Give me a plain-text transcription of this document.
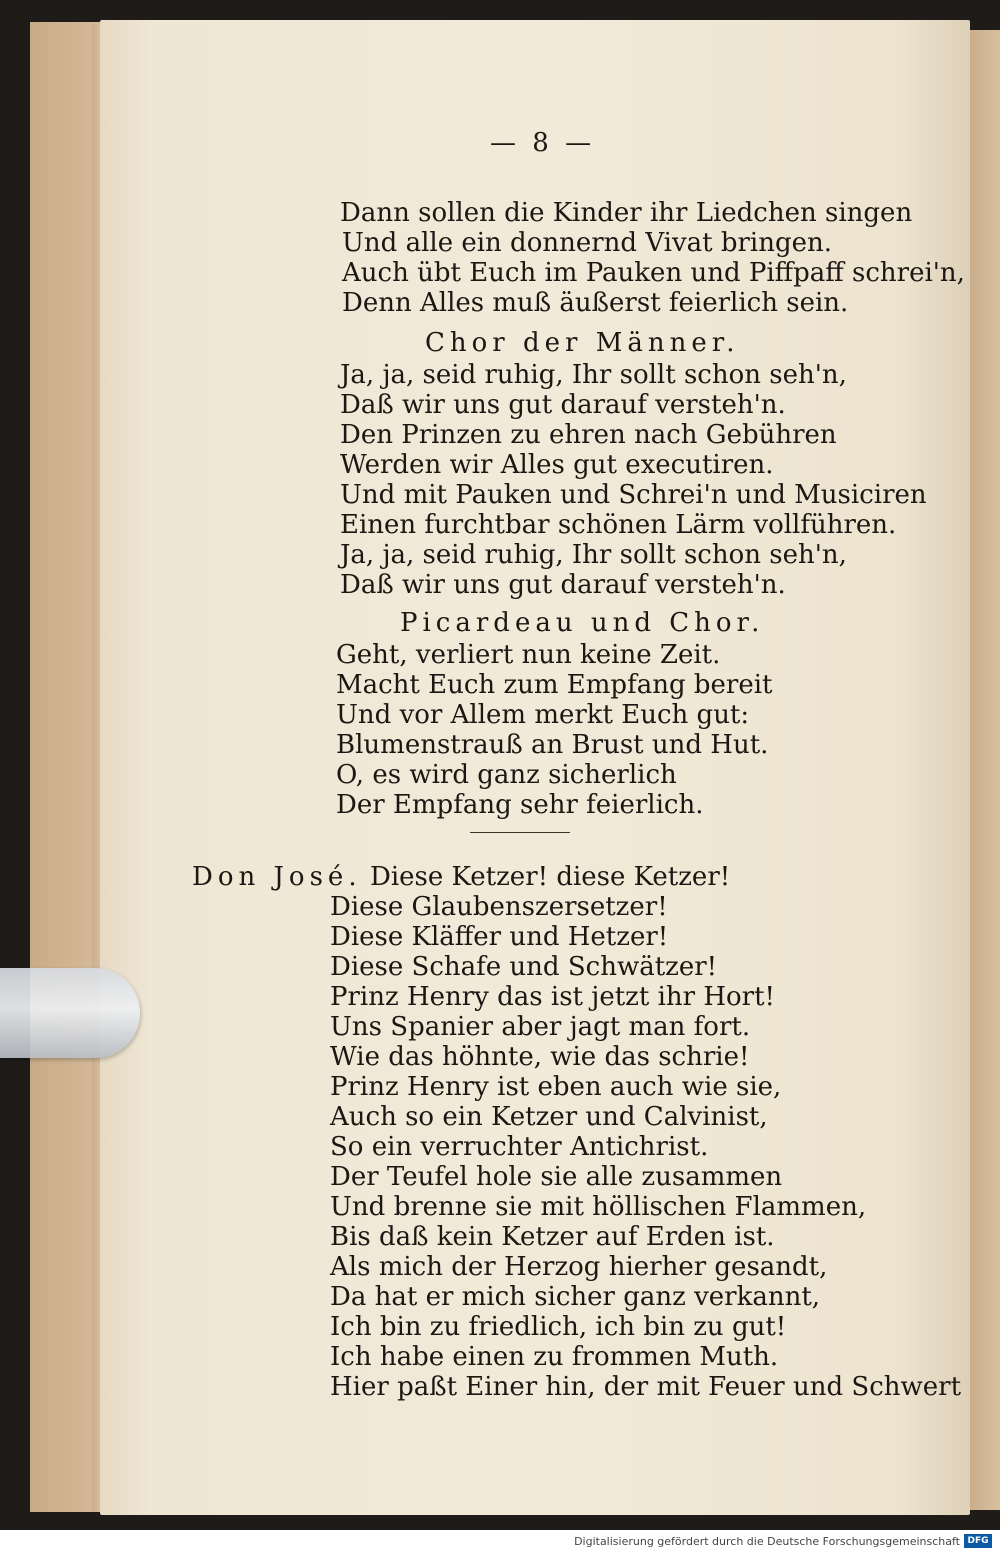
— 8 —
Dann sollen die Kinder ihr Liedchen singen
Und alle ein donnernd Vivat bringen.
Auch übt Euch im Pauken und Piffpaff schrei'n,
Denn Alles muß äußerst feierlich sein.
Chor der Männer.
Ja, ja, seid ruhig, Ihr sollt schon seh'n,
Daß wir uns gut darauf versteh'n.
Den Prinzen zu ehren nach Gebühren
Werden wir Alles gut executiren.
Und mit Pauken und Schrei'n und Musiciren
Einen furchtbar schönen Lärm vollführen.
Ja, ja, seid ruhig, Ihr sollt schon seh'n,
Daß wir uns gut darauf versteh'n.
Picardeau und Chor.
Geht, verliert nun keine Zeit.
Macht Euch zum Empfang bereit
Und vor Allem merkt Euch gut:
Blumenstrauß an Brust und Hut.
O, es wird ganz sicherlich
Der Empfang sehr feierlich.
Don José. Diese Ketzer! diese Ketzer!
Diese Glaubenszersetzer!
Diese Kläffer und Hetzer!
Diese Schafe und Schwätzer!
Prinz Henry das ist jetzt ihr Hort!
Uns Spanier aber jagt man fort.
Wie das höhnte, wie das schrie!
Prinz Henry ist eben auch wie sie,
Auch so ein Ketzer und Calvinist,
So ein verruchter Antichrist.
Der Teufel hole sie alle zusammen
Und brenne sie mit höllischen Flammen,
Bis daß kein Ketzer auf Erden ist.
Als mich der Herzog hierher gesandt,
Da hat er mich sicher ganz verkannt,
Ich bin zu friedlich, ich bin zu gut!
Ich habe einen zu frommen Muth.
Hier paßt Einer hin, der mit Feuer und Schwert
Digitalisierung gefördert durch die Deutsche Forschungsgemeinschaft DFG
